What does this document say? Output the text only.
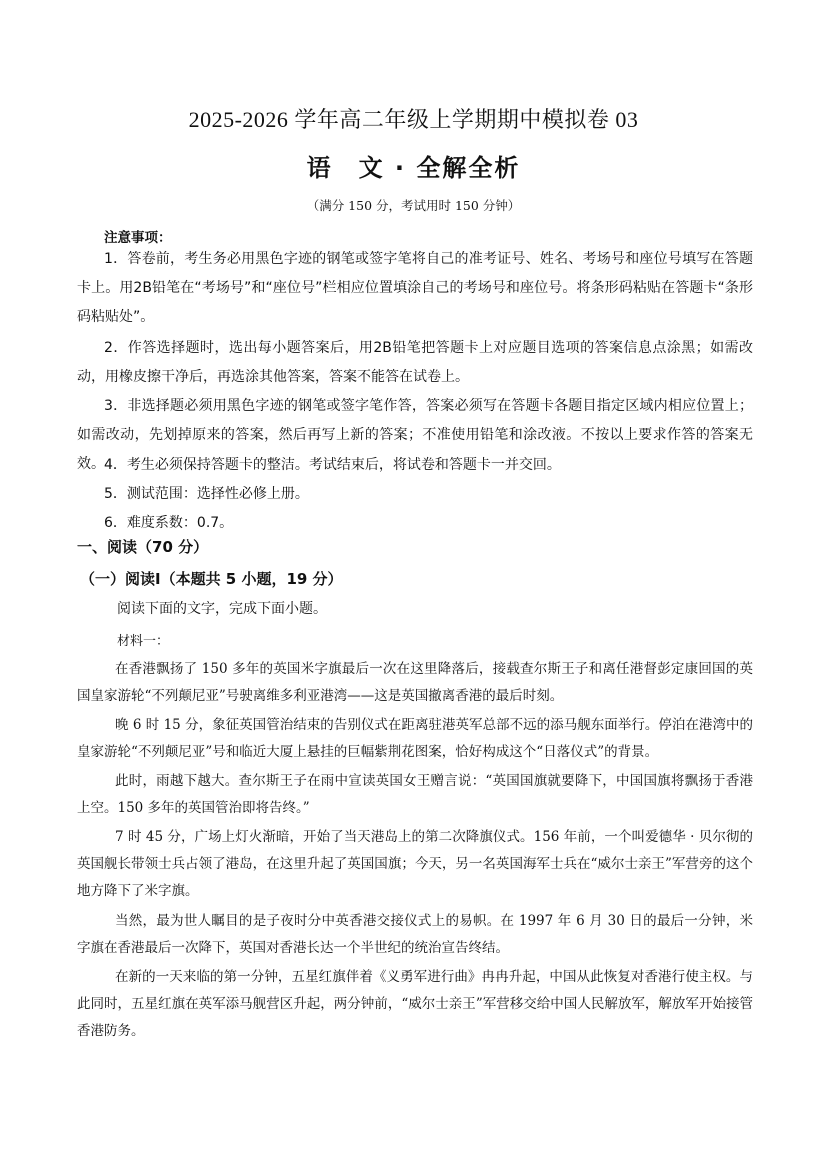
2025-2026 学年高二年级上学期期中模拟卷 03
语　文 · 全解全析
（满分 150 分，考试用时 150 分钟）
注意事项：

1．答卷前，考生务必用黑色字迹的钢笔或签字笔将自己的准考证号、姓名、考场号和座位号填写在答题卡上。用2B铅笔在“考场号”和“座位号”栏相应位置填涂自己的考场号和座位号。将条形码粘贴在答题卡“条形码粘贴处”。

2．作答选择题时，选出每小题答案后，用2B铅笔把答题卡上对应题目选项的答案信息点涂黑；如需改动，用橡皮擦干净后，再选涂其他答案，答案不能答在试卷上。

3．非选择题必须用黑色字迹的钢笔或签字笔作答，答案必须写在答题卡各题目指定区域内相应位置上；如需改动，先划掉原来的答案，然后再写上新的答案；不准使用铅笔和涂改液。不按以上要求作答的答案无效。 4．考生必须保持答题卡的整洁。考试结束后，将试卷和答题卡一并交回。

5．测试范围：选择性必修上册。

6．难度系数：0.7。

一、阅读（70 分）
（一）阅读Ⅰ（本题共 5 小题，19 分）
阅读下面的文字，完成下面小题。
材料一：

在香港飘扬了 150 多年的英国米字旗最后一次在这里降落后，接载查尔斯王子和离任港督彭定康回国的英国皇家游轮“不列颠尼亚”号驶离维多利亚港湾——这是英国撤离香港的最后时刻。

晚 6 时 15 分，象征英国管治结束的告别仪式在距离驻港英军总部不远的添马舰东面举行。停泊在港湾中的皇家游轮“不列颠尼亚”号和临近大厦上悬挂的巨幅紫荆花图案，恰好构成这个“日落仪式”的背景。

此时，雨越下越大。查尔斯王子在雨中宣读英国女王赠言说：“英国国旗就要降下，中国国旗将飘扬于香港上空。150 多年的英国管治即将告终。”

7 时 45 分，广场上灯火渐暗，开始了当天港岛上的第二次降旗仪式。156 年前，一个叫爱德华 · 贝尔彻的英国舰长带领士兵占领了港岛，在这里升起了英国国旗；今天，另一名英国海军士兵在“威尔士亲王”军营旁的这个地方降下了米字旗。

当然，最为世人瞩目的是子夜时分中英香港交接仪式上的易帜。在 1997 年 6 月 30 日的最后一分钟，米字旗在香港最后一次降下，英国对香港长达一个半世纪的统治宣告终结。

在新的一天来临的第一分钟，五星红旗伴着《义勇军进行曲》冉冉升起，中国从此恢复对香港行使主权。与此同时，五星红旗在英军添马舰营区升起，两分钟前，“威尔士亲王”军营移交给中国人民解放军，解放军开始接管香港防务。
